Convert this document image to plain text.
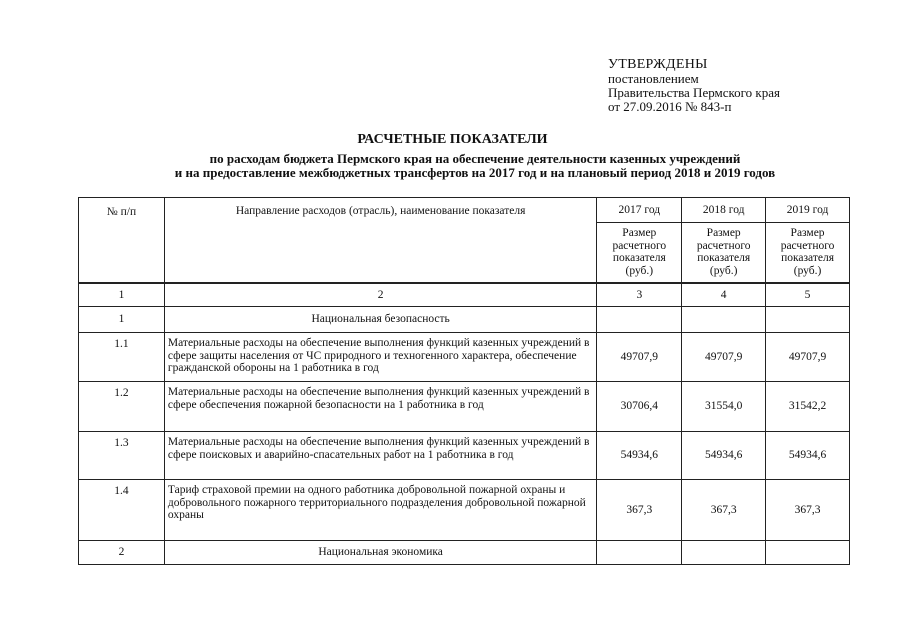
УТВЕРЖДЕНЫ
постановлением
Правительства Пермского края
от 27.09.2016 № 843-п
РАСЧЕТНЫЕ ПОКАЗАТЕЛИ
по расходам бюджета Пермского края на обеспечение деятельности казенных учреждений
и на предоставление межбюджетных трансфертов на 2017 год и на плановый период 2018 и 2019 годов
№ п/п	Направление расходов (отрасль), наименование показателя	2017 год	2018 год	2019 год
		Размер расчетного показателя (руб.)	Размер расчетного показателя (руб.)	Размер расчетного показателя (руб.)
1	2	3	4	5
1	Национальная безопасность			
1.1	Материальные расходы на обеспечение выполнения функций казенных учреждений в сфере защиты населения от ЧС природного и техногенного характера, обеспечение гражданской обороны на 1 работника в год	49707,9	49707,9	49707,9
1.2	Материальные расходы на обеспечение выполнения функций казенных учреждений в сфере обеспечения пожарной безопасности на 1 работника в год	30706,4	31554,0	31542,2
1.3	Материальные расходы на обеспечение выполнения функций казенных учреждений в сфере поисковых и аварийно-спасательных работ на 1 работника в год	54934,6	54934,6	54934,6
1.4	Тариф страховой премии на одного работника добровольной пожарной охраны и добровольного пожарного территориального подразделения добровольной пожарной охраны	367,3	367,3	367,3
2	Национальная экономика			
